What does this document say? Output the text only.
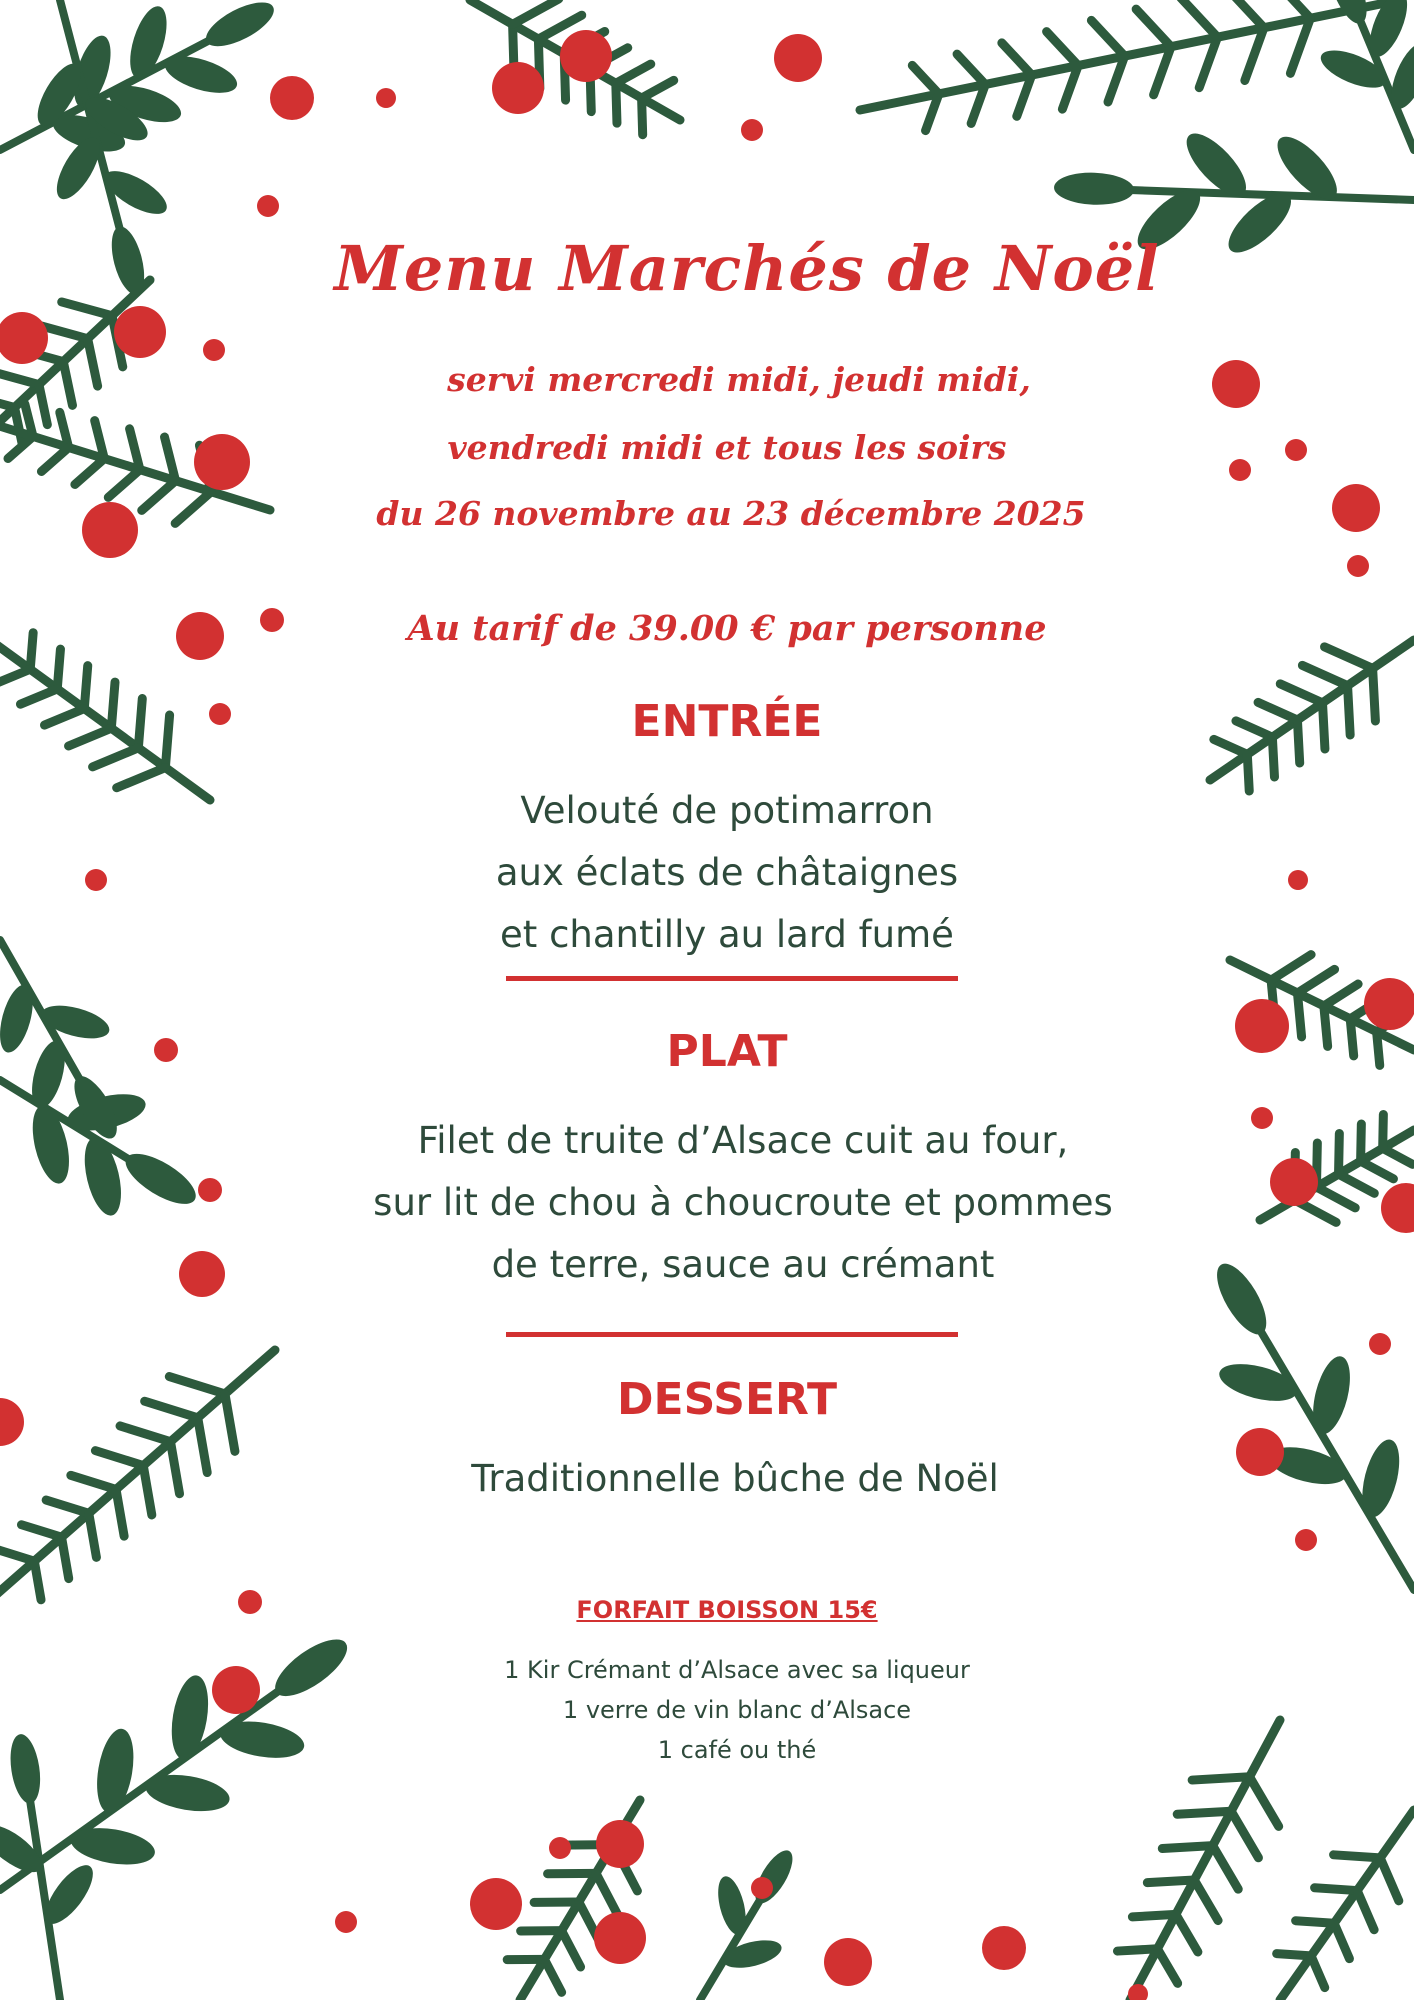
Menu Marchés de Noël
servi mercredi midi, jeudi midi,
vendredi midi et tous les soirs
du 26 novembre au 23 décembre 2025
Au tarif de 39.00 € par personne
ENTRÉE
Velouté de potimarron
aux éclats de châtaignes
et chantilly au lard fumé
PLAT
Filet de truite d’Alsace cuit au four,
sur lit de chou à choucroute et pommes
de terre, sauce au crémant
DESSERT
Traditionnelle bûche de Noël
FORFAIT BOISSON 15€
1 Kir Crémant d’Alsace avec sa liqueur
1 verre de vin blanc d’Alsace
1 café ou thé
